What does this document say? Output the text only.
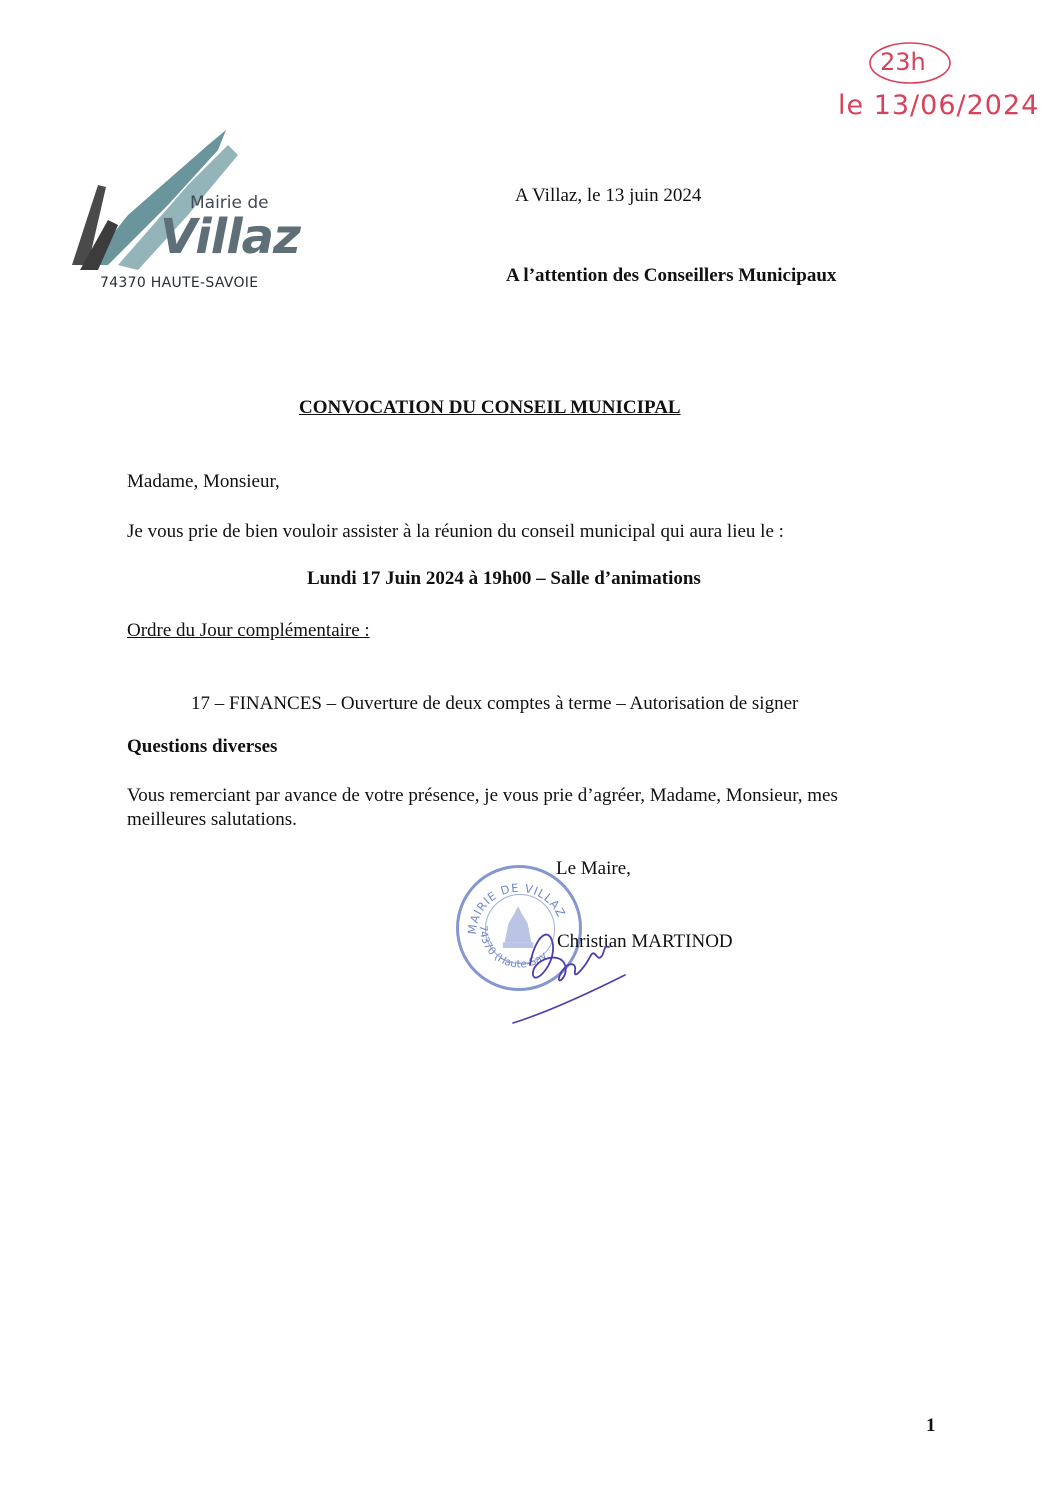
Mairie de
Villaz
74370 HAUTE-SAVOIE
23h
le 13/06/2024
A Villaz, le 13 juin 2024
A l’attention des Conseillers Municipaux
CONVOCATION DU CONSEIL MUNICIPAL
Madame, Monsieur,
Je vous prie de bien vouloir assister à la réunion du conseil municipal qui aura lieu le :
Lundi 17 Juin 2024 à 19h00 – Salle d’animations
Ordre du Jour complémentaire :
17 – FINANCES – Ouverture de deux comptes à terme – Autorisation de signer
Questions diverses
Vous remerciant par avance de votre présence, je vous prie d’agréer, Madame, Monsieur, mes
meilleures salutations.
Le Maire,
MAIRIE DE VILLAZ
74370 (Haute-Sav
Christian MARTINOD
1
